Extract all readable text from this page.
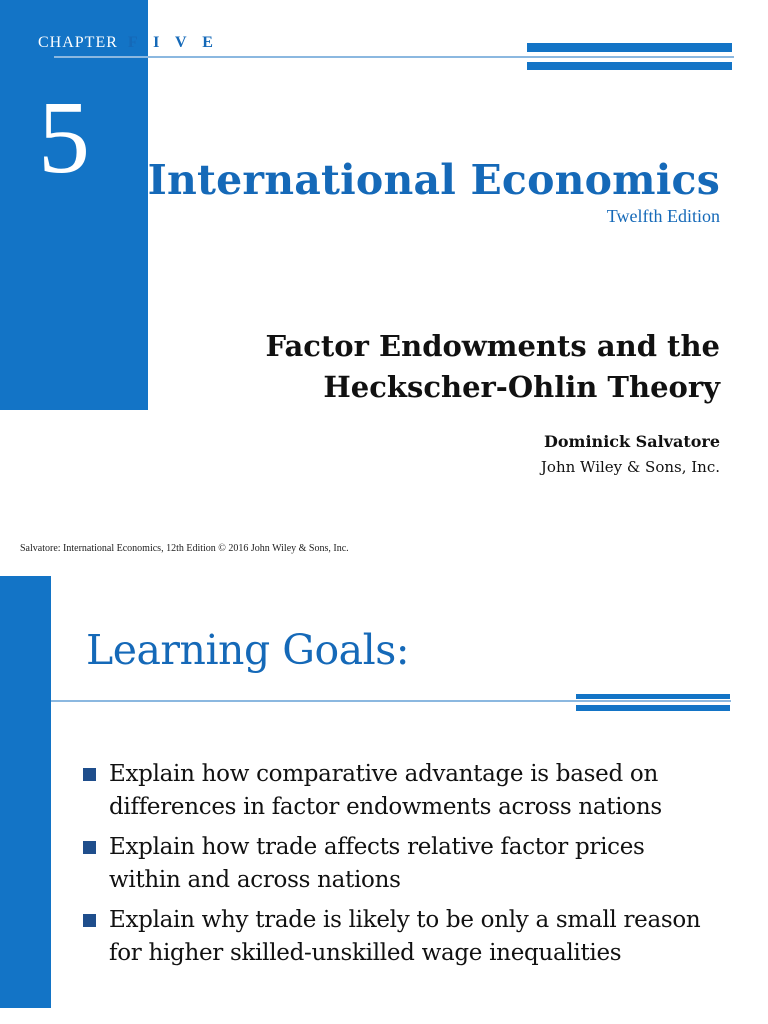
CHAPTER F I V E
5 International Economics
Twelfth Edition
Factor Endowments and the
Heckscher-Ohlin Theory
Dominick Salvatore
John Wiley & Sons, Inc.
Salvatore: International Economics, 12th Edition © 2016 John Wiley & Sons, Inc.
Learning Goals:
Explain how comparative advantage is based on differences in factor endowments across nations
Explain how trade affects relative factor prices within and across nations
Explain why trade is likely to be only a small reason for higher skilled-unskilled wage inequalities
